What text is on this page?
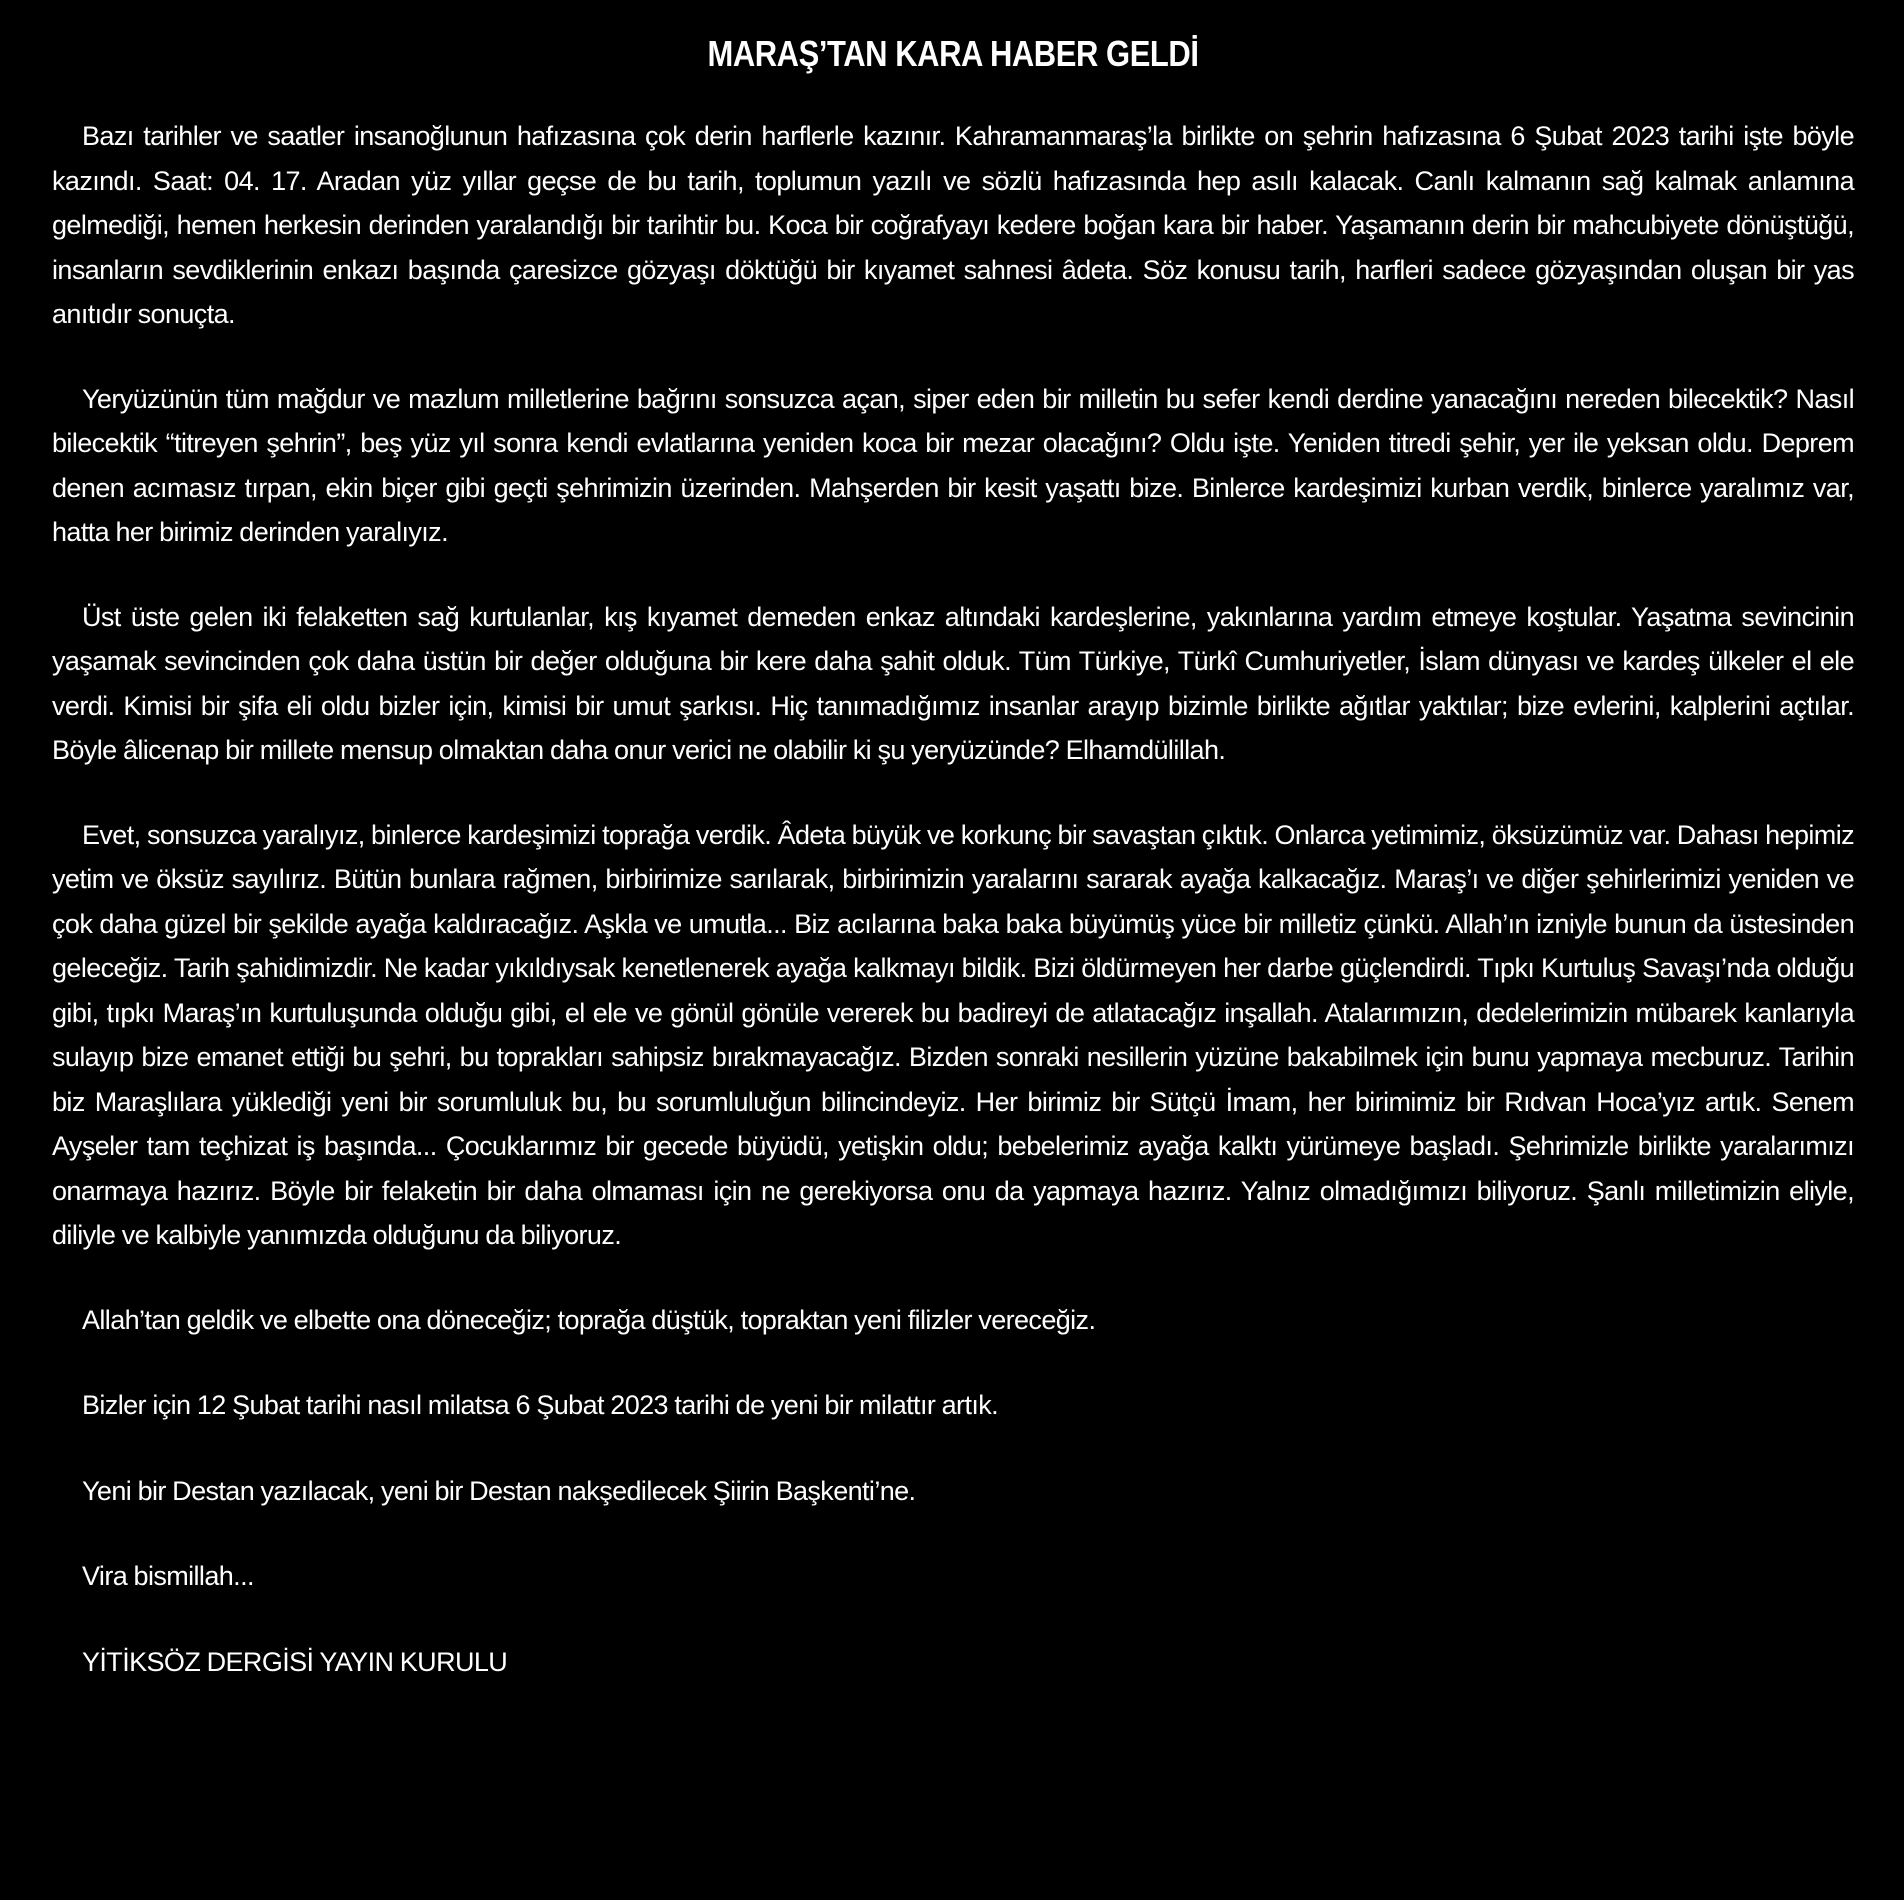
MARAŞ’TAN KARA HABER GELDİ

Bazı tarihler ve saatler insanoğlunun hafızasına çok derin harflerle kazınır. Kahramanmaraş’la birlikte on şehrin hafızasına 6 Şubat 2023 tarihi işte böyle kazındı. Saat: 04. 17. Aradan yüz yıllar geçse de bu tarih, toplumun yazılı ve sözlü hafızasında hep asılı kalacak. Canlı kalmanın sağ kalmak anlamına gelmediği, hemen herkesin derinden yaralandığı bir tarihtir bu. Koca bir coğrafyayı kedere boğan kara bir haber. Yaşamanın derin bir mahcubiyete dönüştüğü, insanların sevdiklerinin enkazı başında çaresizce gözyaşı döktüğü bir kıyamet sahnesi âdeta. Söz konusu tarih, harfleri sadece gözyaşından oluşan bir yas anıtıdır sonuçta.

Yeryüzünün tüm mağdur ve mazlum milletlerine bağrını sonsuzca açan, siper eden bir milletin bu sefer kendi derdine yanacağını nereden bilecektik? Nasıl bilecektik “titreyen şehrin”, beş yüz yıl sonra kendi evlatlarına yeniden koca bir mezar olacağını? Oldu işte. Yeniden titredi şehir, yer ile yeksan oldu. Deprem denen acımasız tırpan, ekin biçer gibi geçti şehrimizin üzerinden. Mahşerden bir kesit yaşattı bize. Binlerce kardeşimizi kurban verdik, binlerce yaralımız var, hatta her birimiz derinden yaralıyız.

Üst üste gelen iki felaketten sağ kurtulanlar, kış kıyamet demeden enkaz altındaki kardeşlerine, yakınlarına yardım etmeye koştular. Yaşatma sevincinin yaşamak sevincinden çok daha üstün bir değer olduğuna bir kere daha şahit olduk. Tüm Türkiye, Türkî Cumhuriyetler, İslam dünyası ve kardeş ülkeler el ele verdi. Kimisi bir şifa eli oldu bizler için, kimisi bir umut şarkısı. Hiç tanımadığımız insanlar arayıp bizimle birlikte ağıtlar yaktılar; bize evlerini, kalplerini açtılar. Böyle âlicenap bir millete mensup olmaktan daha onur verici ne olabilir ki şu yeryüzünde? Elhamdülillah.

Evet, sonsuzca yaralıyız, binlerce kardeşimizi toprağa verdik. Âdeta büyük ve korkunç bir savaştan çıktık. Onlarca yetimimiz, öksüzümüz var. Dahası hepimiz yetim ve öksüz sayılırız. Bütün bunlara rağmen, birbirimize sarılarak, birbirimizin yaralarını sararak ayağa kalkacağız. Maraş’ı ve diğer şehirlerimizi yeniden ve çok daha güzel bir şekilde ayağa kaldıracağız. Aşkla ve umutla... Biz acılarına baka baka büyümüş yüce bir milletiz çünkü. Allah’ın izniyle bunun da üstesinden geleceğiz. Tarih şahidimizdir. Ne kadar yıkıldıysak kenetlenerek ayağa kalkmayı bildik. Bizi öldürmeyen her darbe güçlendirdi. Tıpkı Kurtuluş Savaşı’nda olduğu gibi, tıpkı Maraş’ın kurtuluşunda olduğu gibi, el ele ve gönül gönüle vererek bu badireyi de atlatacağız inşallah. Atalarımızın, dedelerimizin mübarek kanlarıyla sulayıp bize emanet ettiği bu şehri, bu toprakları sahipsiz bırakmayacağız. Bizden sonraki nesillerin yüzüne bakabilmek için bunu yapmaya mecburuz. Tarihin biz Maraşlılara yüklediği yeni bir sorumluluk bu, bu sorumluluğun bilincindeyiz. Her birimiz bir Sütçü İmam, her birimimiz bir Rıdvan Hoca’yız artık. Senem Ayşeler tam teçhizat iş başında... Çocuklarımız bir gecede büyüdü, yetişkin oldu; bebelerimiz ayağa kalktı yürümeye başladı. Şehrimizle birlikte yaralarımızı onarmaya hazırız. Böyle bir felaketin bir daha olmaması için ne gerekiyorsa onu da yapmaya hazırız. Yalnız olmadığımızı biliyoruz. Şanlı milletimizin eliyle, diliyle ve kalbiyle yanımızda olduğunu da biliyoruz.

Allah’tan geldik ve elbette ona döneceğiz; toprağa düştük, topraktan yeni filizler vereceğiz.

Bizler için 12 Şubat tarihi nasıl milatsa 6 Şubat 2023 tarihi de yeni bir milattır artık.

Yeni bir Destan yazılacak, yeni bir Destan nakşedilecek Şiirin Başkenti’ne.

Vira bismillah...

YİTİKSÖZ DERGİSİ YAYIN KURULU
